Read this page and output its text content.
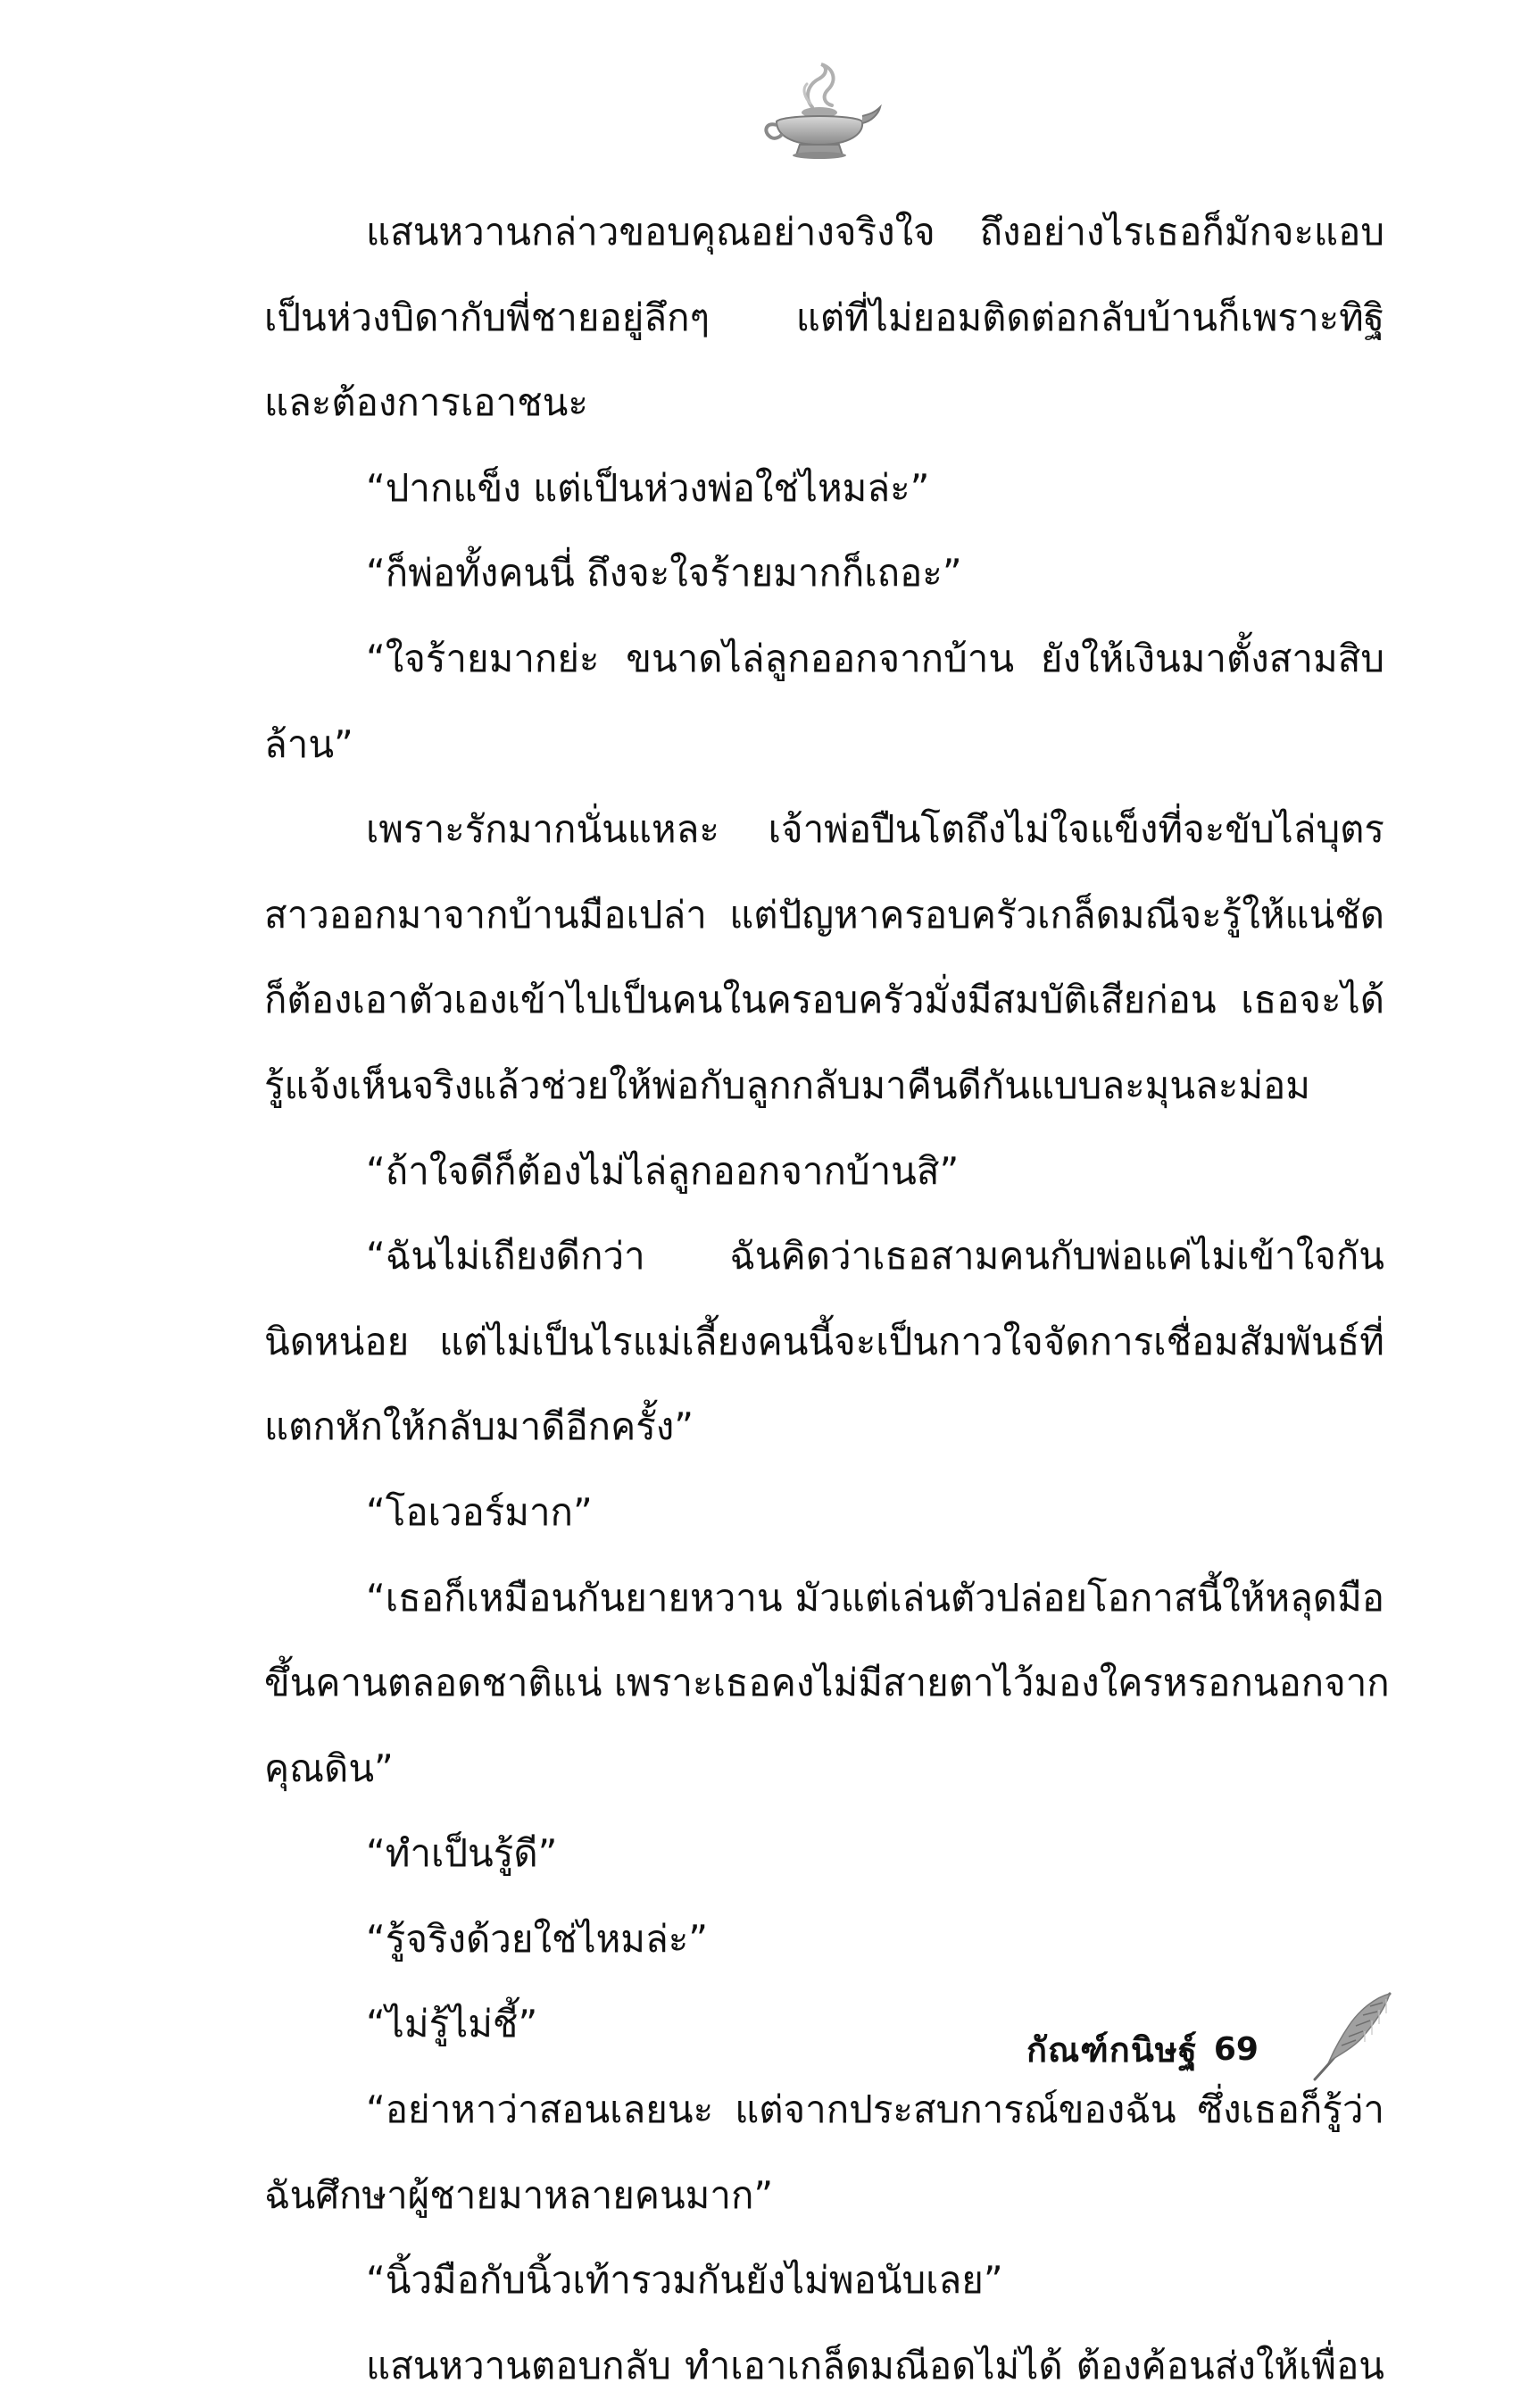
แสนหวานกล่าวขอบคุณอย่างจริงใจ ถึงอย่างไรเธอก็มักจะแอบ
เป็นห่วงบิดากับพี่ชายอยู่ลึกๆ แต่ที่ไม่ยอมติดต่อกลับบ้านก็เพราะทิฐิ
และต้องการเอาชนะ
“ปากแข็ง แต่เป็นห่วงพ่อใช่ไหมล่ะ”
“ก็พ่อทั้งคนนี่ ถึงจะใจร้ายมากก็เถอะ”
“ใจร้ายมากย่ะ ขนาดไล่ลูกออกจากบ้าน ยังให้เงินมาตั้งสามสิบ
ล้าน”
เพราะรักมากนั่นแหละ เจ้าพ่อปืนโตถึงไม่ใจแข็งที่จะขับไล่บุตร
สาวออกมาจากบ้านมือเปล่า แต่ปัญหาครอบครัวเกล็ดมณีจะรู้ให้แน่ชัด
ก็ต้องเอาตัวเองเข้าไปเป็นคนในครอบครัวมั่งมีสมบัติเสียก่อน เธอจะได้
รู้แจ้งเห็นจริงแล้วช่วยให้พ่อกับลูกกลับมาคืนดีกันแบบละมุนละม่อม
“ถ้าใจดีก็ต้องไม่ไล่ลูกออกจากบ้านสิ”
“ฉันไม่เถียงดีกว่า ฉันคิดว่าเธอสามคนกับพ่อแค่ไม่เข้าใจกัน
นิดหน่อย แต่ไม่เป็นไรแม่เลี้ยงคนนี้จะเป็นกาวใจจัดการเชื่อมสัมพันธ์ที่
แตกหักให้กลับมาดีอีกครั้ง”
“โอเวอร์มาก”
“เธอก็เหมือนกันยายหวาน มัวแต่เล่นตัวปล่อยโอกาสนี้ให้หลุดมือ
ขึ้นคานตลอดชาติแน่ เพราะเธอคงไม่มีสายตาไว้มองใครหรอกนอกจาก
คุณดิน”
“ทำเป็นรู้ดี”
“รู้จริงด้วยใช่ไหมล่ะ”
“ไม่รู้ไม่ชี้”
“อย่าหาว่าสอนเลยนะ แต่จากประสบการณ์ของฉัน ซึ่งเธอก็รู้ว่า
ฉันศึกษาผู้ชายมาหลายคนมาก”
“นิ้วมือกับนิ้วเท้ารวมกันยังไม่พอนับเลย”
แสนหวานตอบกลับ ทำเอาเกล็ดมณีอดไม่ได้ ต้องค้อนส่งให้เพื่อน
กัณฑ์กนิษฐ์ 69
